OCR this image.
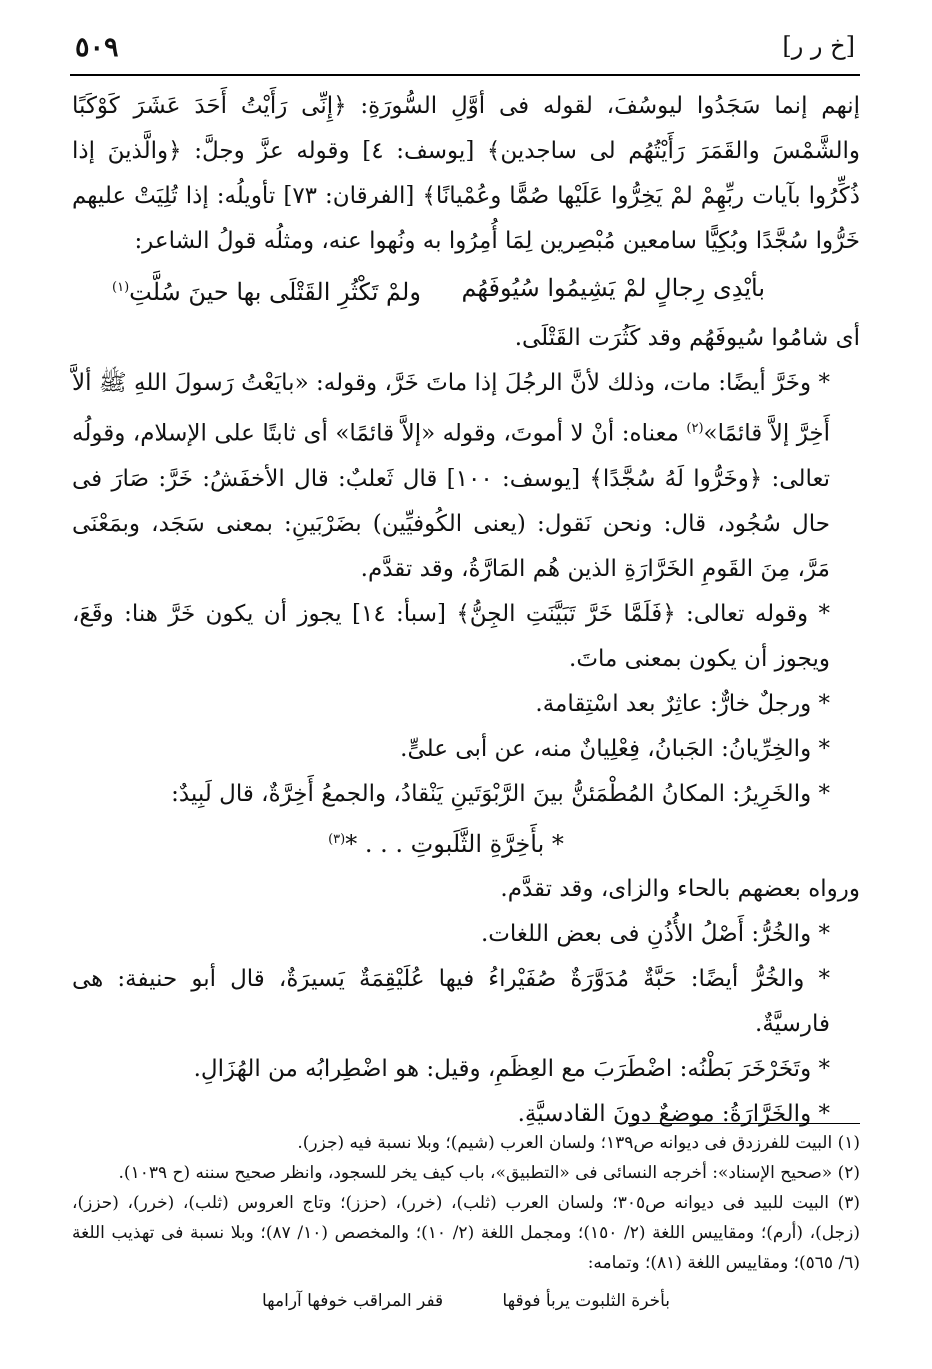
٥٠٩	[خ ر ر]

إنهم إنما سَجَدُوا ليوسُفَ، لقوله فى أوَّلِ السُّورَةِ: ﴿إِنِّى رَأَيْتُ أَحَدَ عَشَرَ كَوْكَبًا والشَّمْسَ والقَمَرَ رَأَيْتُهُم لى ساجدين﴾ [يوسف: ٤] وقوله عزَّ وجلَّ: ﴿والَّذينَ إذا ذُكِّرُوا بآيات ربِّهِمْ لمْ يَخِرُّوا عَلَيْها صُمًّا وعُمْيانًا﴾ [الفرقان: ٧٣] تأويلُه: إذا تُلِيَتْ عليهم خَرُّوا سُجَّدًا وبُكِيًّا سامعين مُبْصِرين لِمَا أُمِرُوا به ونُهوا عنه، ومثلُه قولُ الشاعر:

بأيْدِى رِجالٍ لمْ يَشِيمُوا سُيُوفَهُم
ولمْ تَكْثُرِ القَتْلَى بها حينَ سُلَّتِ$^{(١)}$

أى شامُوا سُيوفَهُم وقد كَثُرَت القَتْلَى.

* وخَرَّ أيضًا: مات، وذلك لأنَّ الرجُلَ إذا ماتَ خَرَّ، وقوله: «بايَعْتُ رَسولَ اللهِ ﷺ ألاَّ أَخِرَّ إلاَّ قائمًا»$^{(٢)}$ معناه: أنْ لا أموتَ، وقوله «إلاَّ قائمًا» أى ثابتًا على الإسلام، وقولُه تعالى: ﴿وخَرُّوا لَهُ سُجَّدًا﴾ [يوسف: ١٠٠] قال ثَعلبٌ: قال الأخفَشُ: خَرَّ: صَارَ فى حال سُجُود، قال: ونحن نَقول: (يعنى الكُوفيِّين) بضَرْبَينِ: بمعنى سَجَد، وبمَعْنَى مَرَّ، مِنَ القَومِ الخَرَّارَةِ الذين هُم المَارَّةُ، وقد تقدَّم.

* وقوله تعالى: ﴿فَلَمَّا خَرَّ تَبَيَّنَتِ الجِنُّ﴾ [سبأ: ١٤] يجوز أن يكون خَرَّ هنا: وقَعَ، ويجوز أن يكون بمعنى ماتَ.

* ورجلٌ خارٌّ: عاثِرٌ بعد اسْتِقامة.

* والخِرِّيانُ: الجَبانُ، فِعْلِيانٌ منه، عن أبى علىٍّ.

* والخَرِيرُ: المكانُ المُطْمَئنُّ بينَ الرَّبْوَتَينِ يَنْقادُ، والجمعُ أَخِرَّةٌ، قال لَبِيدٌ:

* بأَخِرَّةِ الثَّلَبوتِ . . . *$^{(٣)}$

ورواه بعضهم بالحاء والزاى، وقد تقدَّم.

* والخُرُّ: أَصْلُ الأُذُنِ فى بعض اللغات.

* والخُرُّ أيضًا: حَبَّةٌ مُدَوَّرَةٌ صُفَيْراءُ فيها عُلَيْقِمَةٌ يَسيرَةٌ، قال أبو حنيفة: هى فارسيَّةٌ.

* وتَخَرْخَرَ بَطْنُه: اضْطَرَبَ مع العِظَمِ، وقيل: هو اضْطِرابُه من الهُزَالِ.

* والخَرَّارَةُ: موضعٌ دونَ القادسيَّةِ.

(١) البيت للفرزدق فى ديوانه ص١٣٩؛ ولسان العرب (شيم)؛ وبلا نسبة فيه (جزر).

(٢) «صحيح الإسناد»: أخرجه النسائى فى «التطبيق»، باب كيف يخر للسجود، وانظر صحيح سننه (ح ١٠٣٩).

(٣) البيت للبيد فى ديوانه ص٣٠٥؛ ولسان العرب (ثلب)، (خرر)، (حزز)؛ وتاج العروس (ثلب)، (خرر)، (حزز)، (زجل)، (أرم)؛ ومقاييس اللغة (٢/ ١٥٠)؛ ومجمل اللغة (٢/ ١٠)؛ والمخصص (١٠/ ٨٧)؛ وبلا نسبة فى تهذيب اللغة (٦/ ٥٦٥)؛ ومقاييس اللغة (٨١)؛ وتمامه:

بأخرة الثلبوت يربأ فوقها
قفر المراقب خوفها آرامها
